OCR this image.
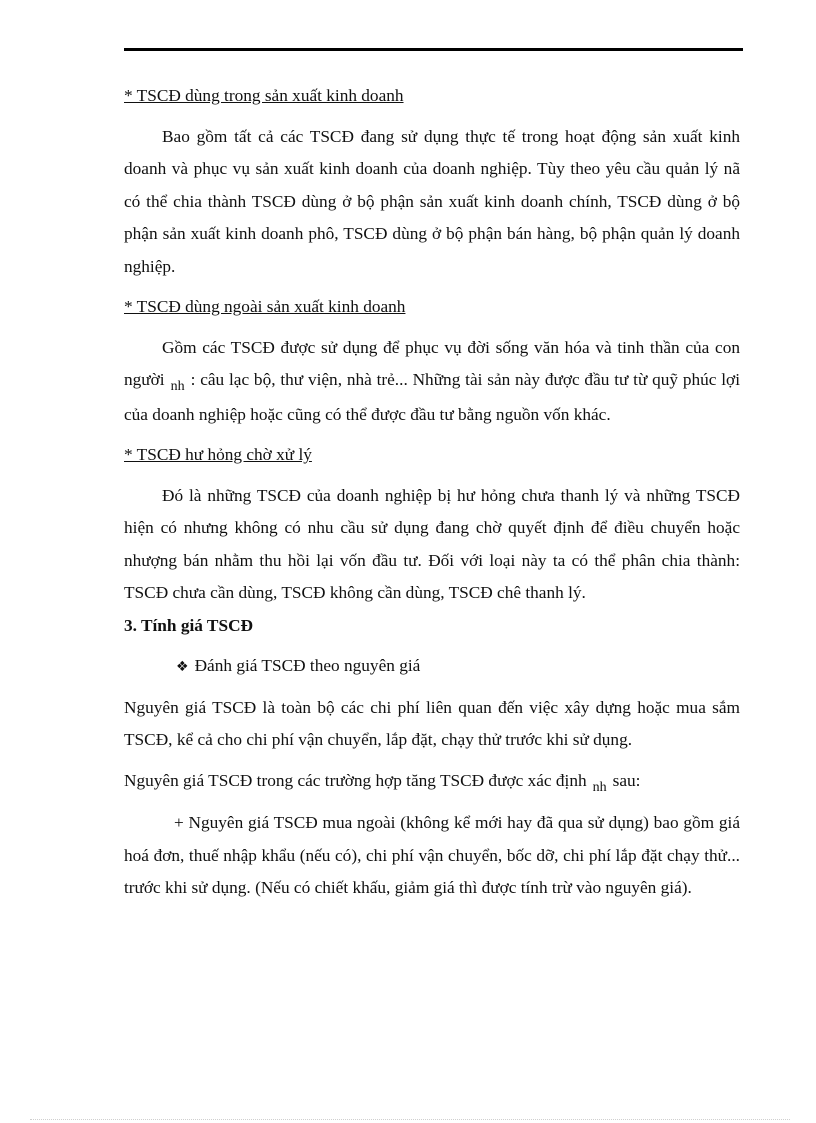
* TSCĐ dùng trong sản xuất kinh doanh

Bao gồm tất cả các TSCĐ đang sử dụng thực tế trong hoạt động sản xuất kinh doanh và phục vụ sản xuất kinh doanh của doanh nghiệp. Tùy theo yêu cầu quản lý nã có thể chia thành TSCĐ dùng ở bộ phận sản xuất kinh doanh chính, TSCĐ dùng ở bộ phận sản xuất kinh doanh phô, TSCĐ dùng ở bộ phận bán hàng, bộ phận quản lý doanh nghiệp.

* TSCĐ dùng ngoài sản xuất kinh doanh

Gồm các TSCĐ được sử dụng để phục vụ đời sống văn hóa và tinh thần của con người $_{nh}$ : câu lạc bộ, thư viện, nhà trẻ... Những tài sản này được đầu tư từ quỹ phúc lợi của doanh nghiệp hoặc cũng có thể được đầu tư bằng nguồn vốn khác.

* TSCĐ hư hỏng chờ xử lý

Đó là những TSCĐ của doanh nghiệp bị hư hỏng chưa thanh lý và những TSCĐ hiện có nhưng không có nhu cầu sử dụng đang chờ quyết định để điều chuyển hoặc nhượng bán nhằm thu hồi lại vốn đầu tư. Đối với loại này ta có thể phân chia thành: TSCĐ chưa cần dùng, TSCĐ không cần dùng, TSCĐ chê thanh lý.

3. Tính giá TSCĐ

❖ Đánh giá TSCĐ theo nguyên giá

Nguyên giá TSCĐ là toàn bộ các chi phí liên quan đến việc xây dựng hoặc mua sắm TSCĐ, kể cả cho chi phí vận chuyển, lắp đặt, chạy thử trước khi sử dụng.

Nguyên giá TSCĐ trong các trường hợp tăng TSCĐ được xác định $_{nh}$ sau:

+ Nguyên giá TSCĐ mua ngoài (không kể mới hay đã qua sử dụng) bao gồm giá hoá đơn, thuế nhập khẩu (nếu có), chi phí vận chuyển, bốc dỡ, chi phí lắp đặt chạy thử... trước khi sử dụng. (Nếu có chiết khấu, giảm giá thì được tính trừ vào nguyên giá).
